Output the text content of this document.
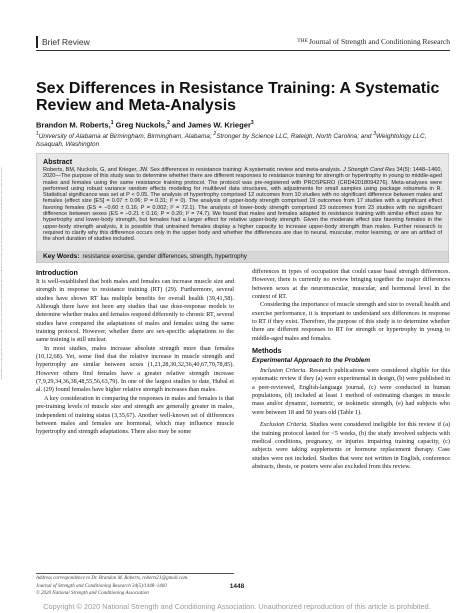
Downloaded from http://journals.lww.com/nsca-jscr by BhDMf5ePHKav1zEoum1tQfN4a+kJLhEZgbsIHo4XMi0hCywCX1AWnYQp/IlQrHD3i3D0OdRyi7TvSFl4Cf3VC4/OAVpDDa8K2+Ya6H515kE= on 12/02/2021
Brief Review	$^{THE}$Journal of Strength and Conditioning Research
Sex Differences in Resistance Training: A Systematic Review and Meta-Analysis
Brandon M. Roberts,$^1$ Greg Nuckols,$^2$ and James W. Krieger$^3$
$^1$University of Alabama at Birmingham, Birmingham, Alabama; $^2$Stronger by Science LLC, Raleigh, North Carolina; and $^3$Weightology LLC, Issaquah, Washington
Abstract
Roberts, BM, Nuckols, G, and Krieger, JW. Sex differences in resistance training: A systematic review and meta-analysis. J Strength Cond Res 34(5): 1448–1460, 2020—The purpose of this study was to determine whether there are different responses to resistance training for strength or hypertrophy in young to middle-aged males and females using the same resistance training protocol. The protocol was pre-registered with PROSPERO (CRD42018094276). Meta-analyses were performed using robust variance random effects modeling for multilevel data structures, with adjustments for small samples using package robumeta in R. Statistical significance was set at P < 0.05. The analysis of hypertrophy comprised 12 outcomes from 10 studies with no significant difference between males and females (effect size [ES] = 0.07 ± 0.06; P = 0.31; I² = 0). The analysis of upper-body strength comprised 19 outcomes from 17 studies with a significant effect favoring females (ES = −0.60 ± 0.16; P = 0.002; I² = 72.1). The analysis of lower-body strength comprised 23 outcomes from 23 studies with no significant difference between sexes (ES = −0.21 ± 0.16; P = 0.20; I² = 74.7). We found that males and females adapted to resistance training with similar effect sizes for hypertrophy and lower-body strength, but females had a larger effect for relative upper-body strength. Given the moderate effect size favoring females in the upper-body strength analysis, it is possible that untrained females display a higher capacity to increase upper-body strength than males. Further research is required to clarify why this difference occurs only in the upper body and whether the differences are due to neural, muscular, motor learning, or are an artifact of the short duration of studies included.
Key Words: resistance exercise, gender differences, strength, hypertrophy
Introduction

It is well-established that both males and females can increase muscle size and strength in response to resistance training (RT) (29). Furthermore, several studies have shown RT has multiple benefits for overall health (39,41,58). Although there have not been any studies that use dose-response models to determine whether males and females respond differently to chronic RT, several studies have compared the adaptations of males and females using the same training protocol. However, whether there are sex-specific adaptations to the same training is still unclear.

In most studies, males increase absolute strength more than females (10,12,68). Yet, some find that the relative increase in muscle strength and hypertrophy are similar between sexes (1,21,28,30,32,36,40,67,70,78,85). However others find females have a greater relative strength increase (7,9,29,34,36,38,48,55,56,63,79). In one of the largest studies to date, Hubal et al. (29) found females have higher relative strength increases than males.

A key consideration in comparing the responses in males and females is that pre-training levels of muscle size and strength are generally greater in males, independent of training status (3,35,67). Another well-known set of differences between males and females are hormonal, which may influence muscle hypertrophy and strength adaptations. There also may be some

differences in types of occupation that could cause basal strength differences. However, there is currently no review bringing together the major differences between sexes at the neuromuscular, muscular, and hormonal level in the context of RT.

Considering the importance of muscle strength and size to overall health and exercise performance, it is important to understand sex differences in response to RT if they exist. Therefore, the purpose of this study is to determine whether there are different responses to RT for strength or hypertrophy in young to middle-aged males and females.

Methods
Experimental Approach to the Problem

Inclusion Criteria. Research publications were considered eligible for this systematic review if they (a) were experimental in design, (b) were published in a peer-reviewed, English-language journal, (c) were conducted in human populations, (d) included at least 1 method of estimating changes in muscle mass and/or dynamic, isometric, or isokinetic strength, (e) had subjects who were between 18 and 50 years old (Table 1).

Exclusion Criteria. Studies were considered ineligible for this review if (a) the training protocol lasted for <5 weeks, (b) the study involved subjects with medical conditions, pregnancy, or injuries impairing training capacity, (c) subjects were taking supplements or hormone replacement therapy. Case studies were not included. Studies that were not written in English, conference abstracts, thesis, or posters were also excluded from this review.

Address correspondence to Dr. Brandon M. Roberts, roberts21@gmail.com.
Journal of Strength and Conditioning Research 34(5)/1448–1460
© 2020 National Strength and Conditioning Association
1448
Copyright © 2020 National Strength and Conditioning Association. Unauthorized reproduction of this article is prohibited.
